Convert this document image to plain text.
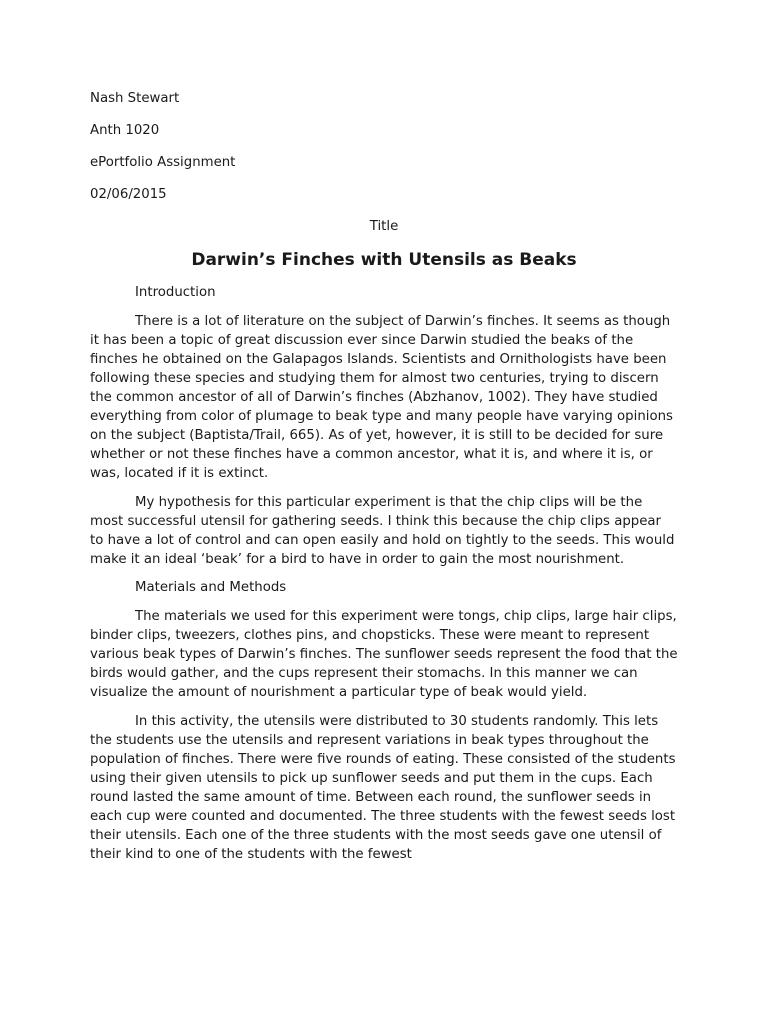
Nash Stewart

Anth 1020

ePortfolio Assignment

02/06/2015

Title

Darwin’s Finches with Utensils as Beaks

Introduction

There is a lot of literature on the subject of Darwin’s finches. It seems as though it has been a topic of great discussion ever since Darwin studied the beaks of the finches he obtained on the Galapagos Islands. Scientists and Ornithologists have been following these species and studying them for almost two centuries, trying to discern the common ancestor of all of Darwin’s finches (Abzhanov, 1002). They have studied everything from color of plumage to beak type and many people have varying opinions on the subject (Baptista/Trail, 665). As of yet, however, it is still to be decided for sure whether or not these finches have a common ancestor, what it is, and where it is, or was, located if it is extinct.

My hypothesis for this particular experiment is that the chip clips will be the most successful utensil for gathering seeds. I think this because the chip clips appear to have a lot of control and can open easily and hold on tightly to the seeds. This would make it an ideal ‘beak’ for a bird to have in order to gain the most nourishment.

Materials and Methods

The materials we used for this experiment were tongs, chip clips, large hair clips, binder clips, tweezers, clothes pins, and chopsticks. These were meant to represent various beak types of Darwin’s finches. The sunflower seeds represent the food that the birds would gather, and the cups represent their stomachs. In this manner we can visualize the amount of nourishment a particular type of beak would yield.

In this activity, the utensils were distributed to 30 students randomly. This lets the students use the utensils and represent variations in beak types throughout the population of finches. There were five rounds of eating. These consisted of the students using their given utensils to pick up sunflower seeds and put them in the cups. Each round lasted the same amount of time. Between each round, the sunflower seeds in each cup were counted and documented. The three students with the fewest seeds lost their utensils. Each one of the three students with the most seeds gave one utensil of their kind to one of the students with the fewest
